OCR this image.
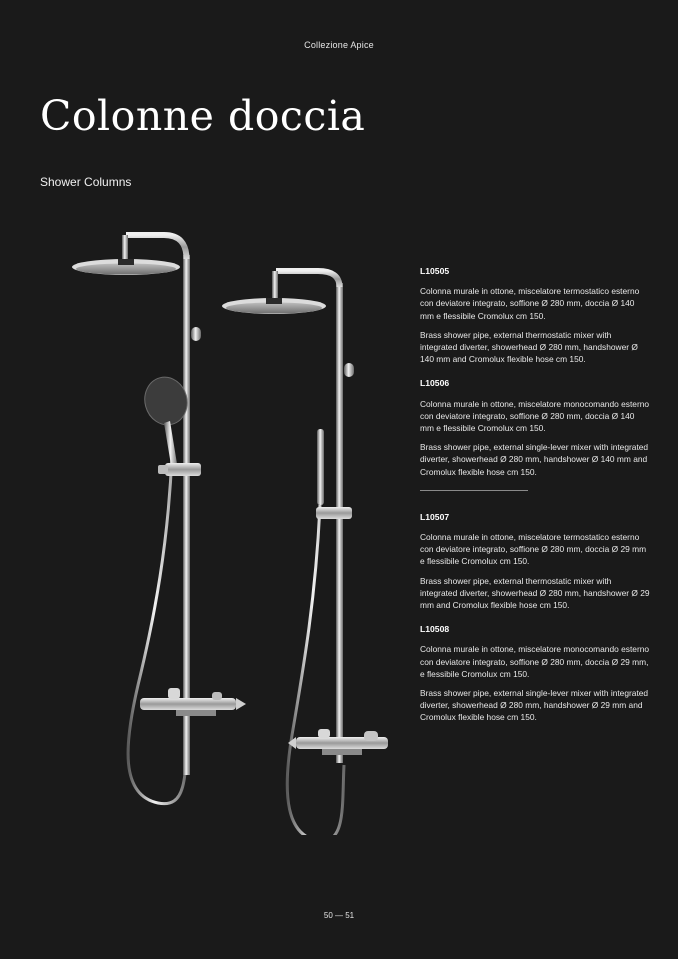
Collezione Apice
Colonne doccia
Shower Columns
L10505

Colonna murale in ottone, miscelatore termostatico esterno con deviatore integrato, soffione Ø 280 mm, doccia Ø 140 mm e flessibile Cromolux cm 150.

Brass shower pipe, external thermostatic mixer with integrated diverter, showerhead Ø 280 mm, handshower Ø 140 mm and Cromolux flexible hose cm 150.

L10506

Colonna murale in ottone, miscelatore monocomando esterno con deviatore integrato, soffione Ø 280 mm, doccia Ø 140 mm e flessibile Cromolux cm 150.

Brass shower pipe, external single-lever mixer with integrated diverter, showerhead Ø 280 mm, handshower Ø 140 mm and Cromolux flexible hose cm 150.

L10507

Colonna murale in ottone, miscelatore termostatico esterno con deviatore integrato, soffione Ø 280 mm, doccia Ø 29 mm e flessibile Cromolux cm 150.

Brass shower pipe, external thermostatic mixer with integrated diverter, showerhead Ø 280 mm, handshower Ø 29 mm and Cromolux flexible hose cm 150.

L10508

Colonna murale in ottone, miscelatore monocomando esterno con deviatore integrato, soffione Ø 280 mm, doccia Ø 29 mm, e flessibile Cromolux cm 150.

Brass shower pipe, external single-lever mixer with integrated diverter, showerhead Ø 280 mm, handshower Ø 29 mm and Cromolux flexible hose cm 150.

50 — 51
